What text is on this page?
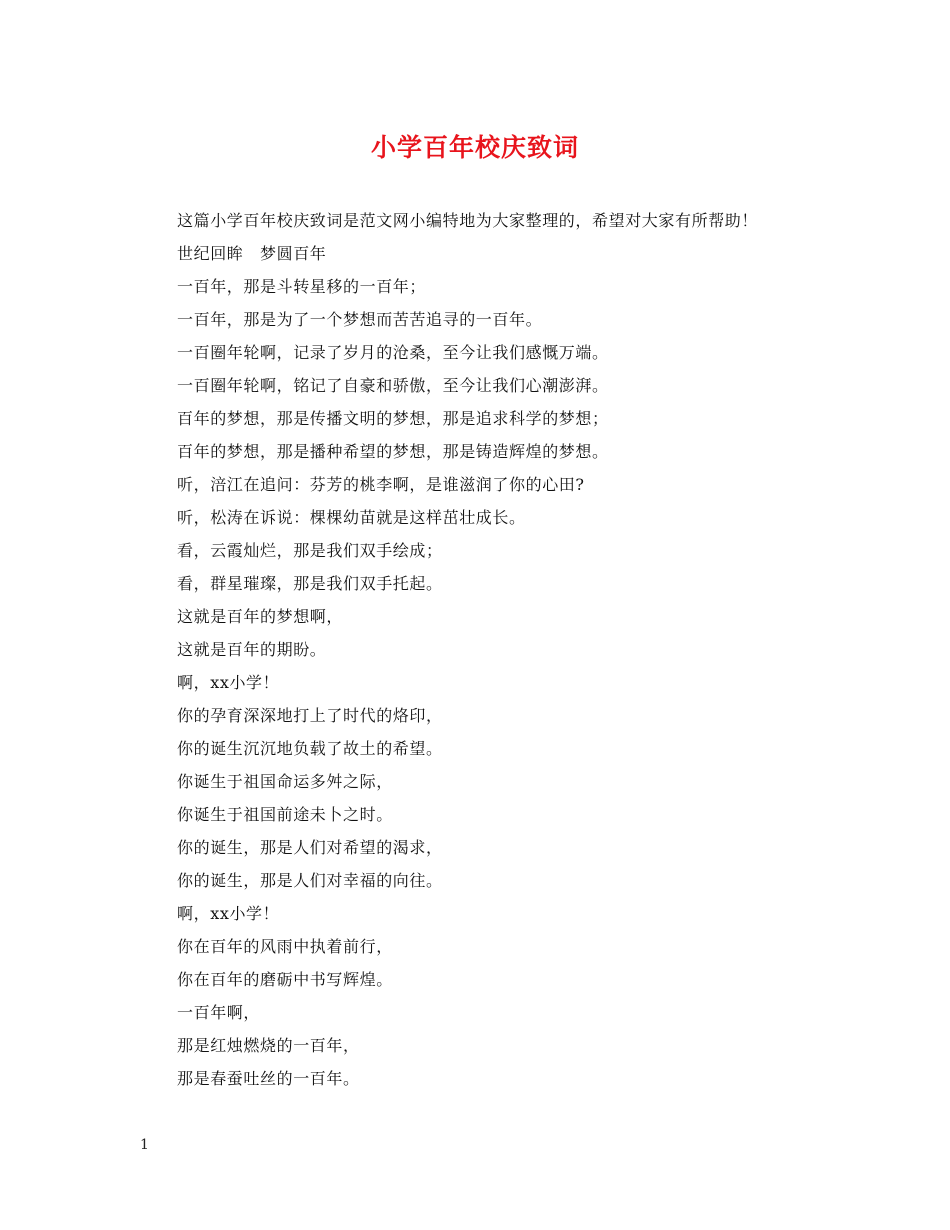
小学百年校庆致词
这篇小学百年校庆致词是范文网小编特地为大家整理的，希望对大家有所帮助！
世纪回眸　梦圆百年
一百年，那是斗转星移的一百年；
一百年，那是为了一个梦想而苦苦追寻的一百年。
一百圈年轮啊，记录了岁月的沧桑，至今让我们感慨万端。
一百圈年轮啊，铭记了自豪和骄傲，至今让我们心潮澎湃。
百年的梦想，那是传播文明的梦想，那是追求科学的梦想；
百年的梦想，那是播种希望的梦想，那是铸造辉煌的梦想。
听，涪江在追问：芬芳的桃李啊，是谁滋润了你的心田?
听，松涛在诉说：棵棵幼苗就是这样茁壮成长。
看，云霞灿烂，那是我们双手绘成；
看，群星璀璨，那是我们双手托起。
这就是百年的梦想啊，
这就是百年的期盼。
啊，xx小学！
你的孕育深深地打上了时代的烙印，
你的诞生沉沉地负载了故土的希望。
你诞生于祖国命运多舛之际，
你诞生于祖国前途未卜之时。
你的诞生，那是人们对希望的渴求，
你的诞生，那是人们对幸福的向往。
啊，xx小学！
你在百年的风雨中执着前行，
你在百年的磨砺中书写辉煌。
一百年啊，
那是红烛燃烧的一百年，
那是春蚕吐丝的一百年。
1
